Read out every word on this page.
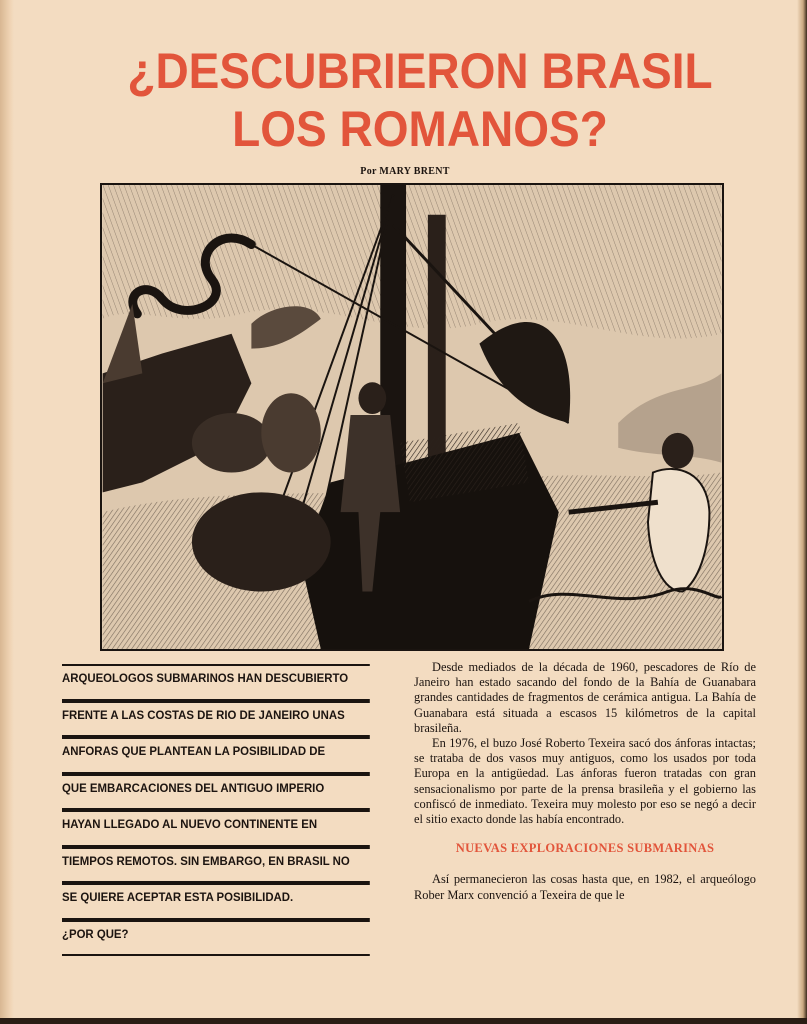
¿DESCUBRIERON BRASIL
LOS ROMANOS?
Por MARY BRENT
ARQUEOLOGOS SUBMARINOS HAN DESCUBIERTO
FRENTE A LAS COSTAS DE RIO DE JANEIRO UNAS
ANFORAS QUE PLANTEAN LA POSIBILIDAD DE
QUE EMBARCACIONES DEL ANTIGUO IMPERIO
HAYAN LLEGADO AL NUEVO CONTINENTE EN
TIEMPOS REMOTOS. SIN EMBARGO, EN BRASIL NO
SE QUIERE ACEPTAR ESTA POSIBILIDAD.
¿POR QUE?

Desde mediados de la década de 1960, pescadores de Río de Janeiro han estado sacando del fondo de la Bahía de Guanabara grandes cantidades de fragmentos de cerámica antigua. La Bahía de Guanabara está situada a escasos 15 kilómetros de la capital brasileña.

En 1976, el buzo José Roberto Texeira sacó dos ánforas intactas; se trataba de dos vasos muy antiguos, como los usados por toda Europa en la antigüedad. Las ánforas fueron tratadas con gran sensacionalismo por parte de la prensa brasileña y el gobierno las confiscó de inmediato. Texeira muy molesto por eso se negó a decir el sitio exacto donde las había encontrado.

NUEVAS EXPLORACIONES SUBMARINAS

Así permanecieron las cosas hasta que, en 1982, el arqueólogo Rober Marx convenció a Texeira de que le
